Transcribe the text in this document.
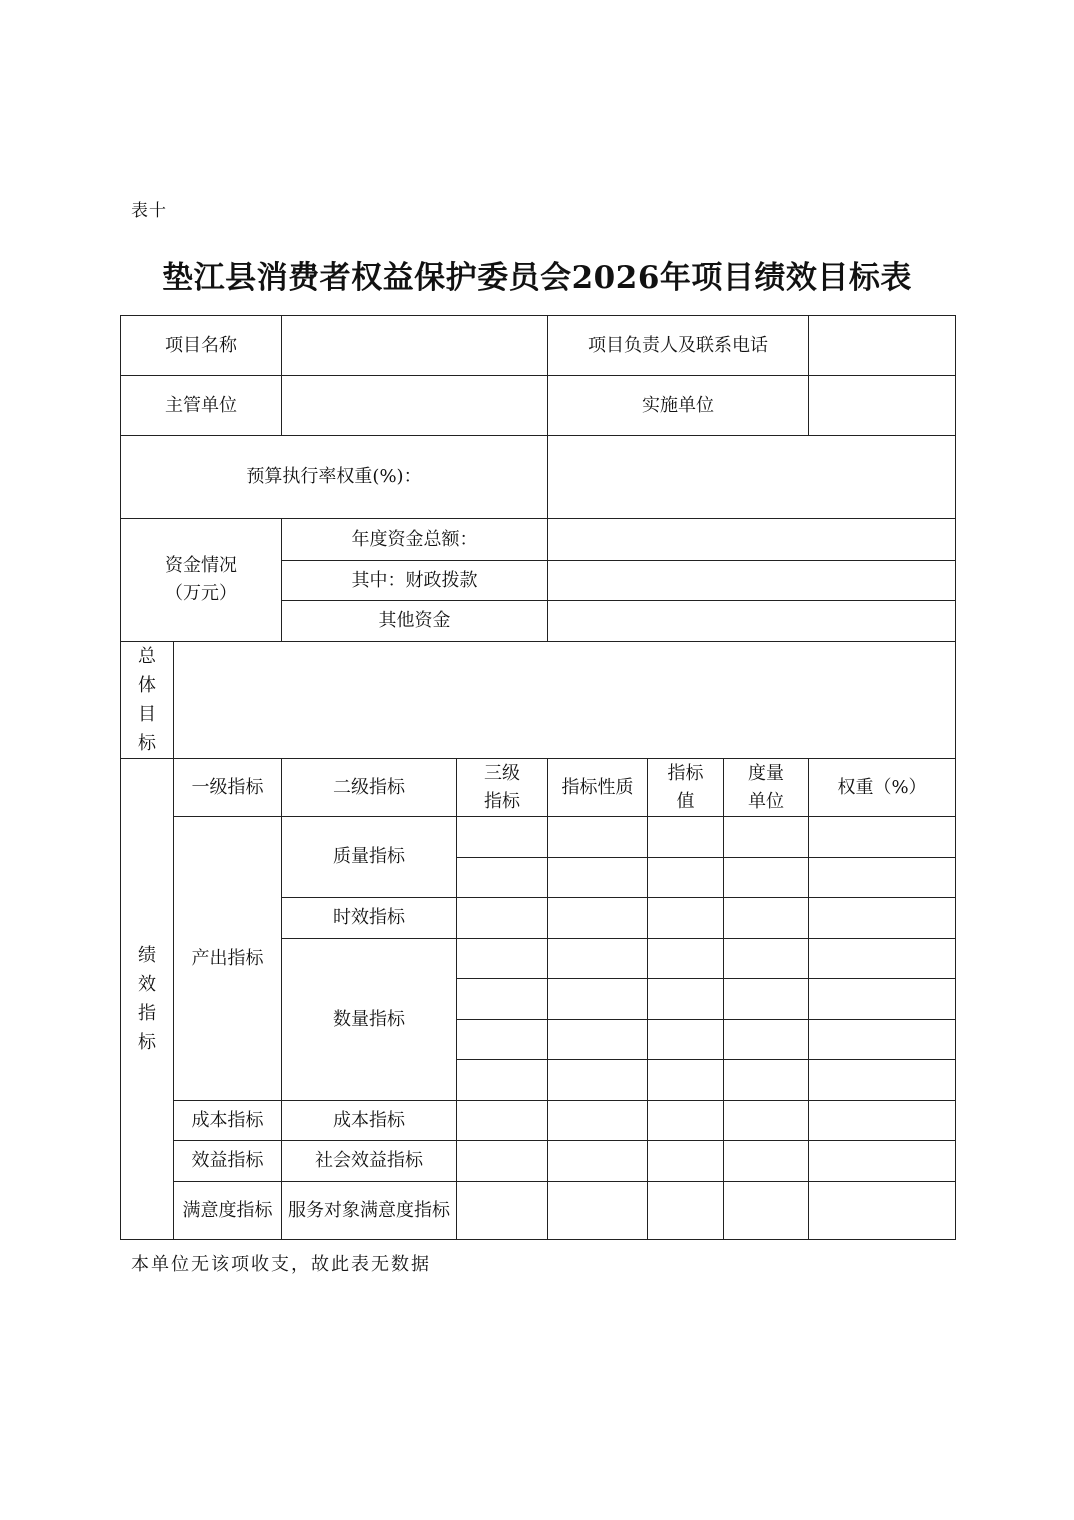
表十
垫江县消费者权益保护委员会2026年项目绩效目标表
项目名称				项目负责人及联系电话			
主管单位				实施单位			
预算执行率权重(%)：							
资金情况（万元）		年度资金总额：					
		其中：财政拨款					
		其他资金					
总体目标							
绩效指标	一级指标	二级指标	三级指标	指标性质	指标值	度量单位	权重（%）
	产出指标	质量指标					

		时效指标					
		数量指标					

	成本指标	成本指标					
	效益指标	社会效益指标					
	满意度指标	服务对象满意度指标					
本单位无该项收支，故此表无数据
